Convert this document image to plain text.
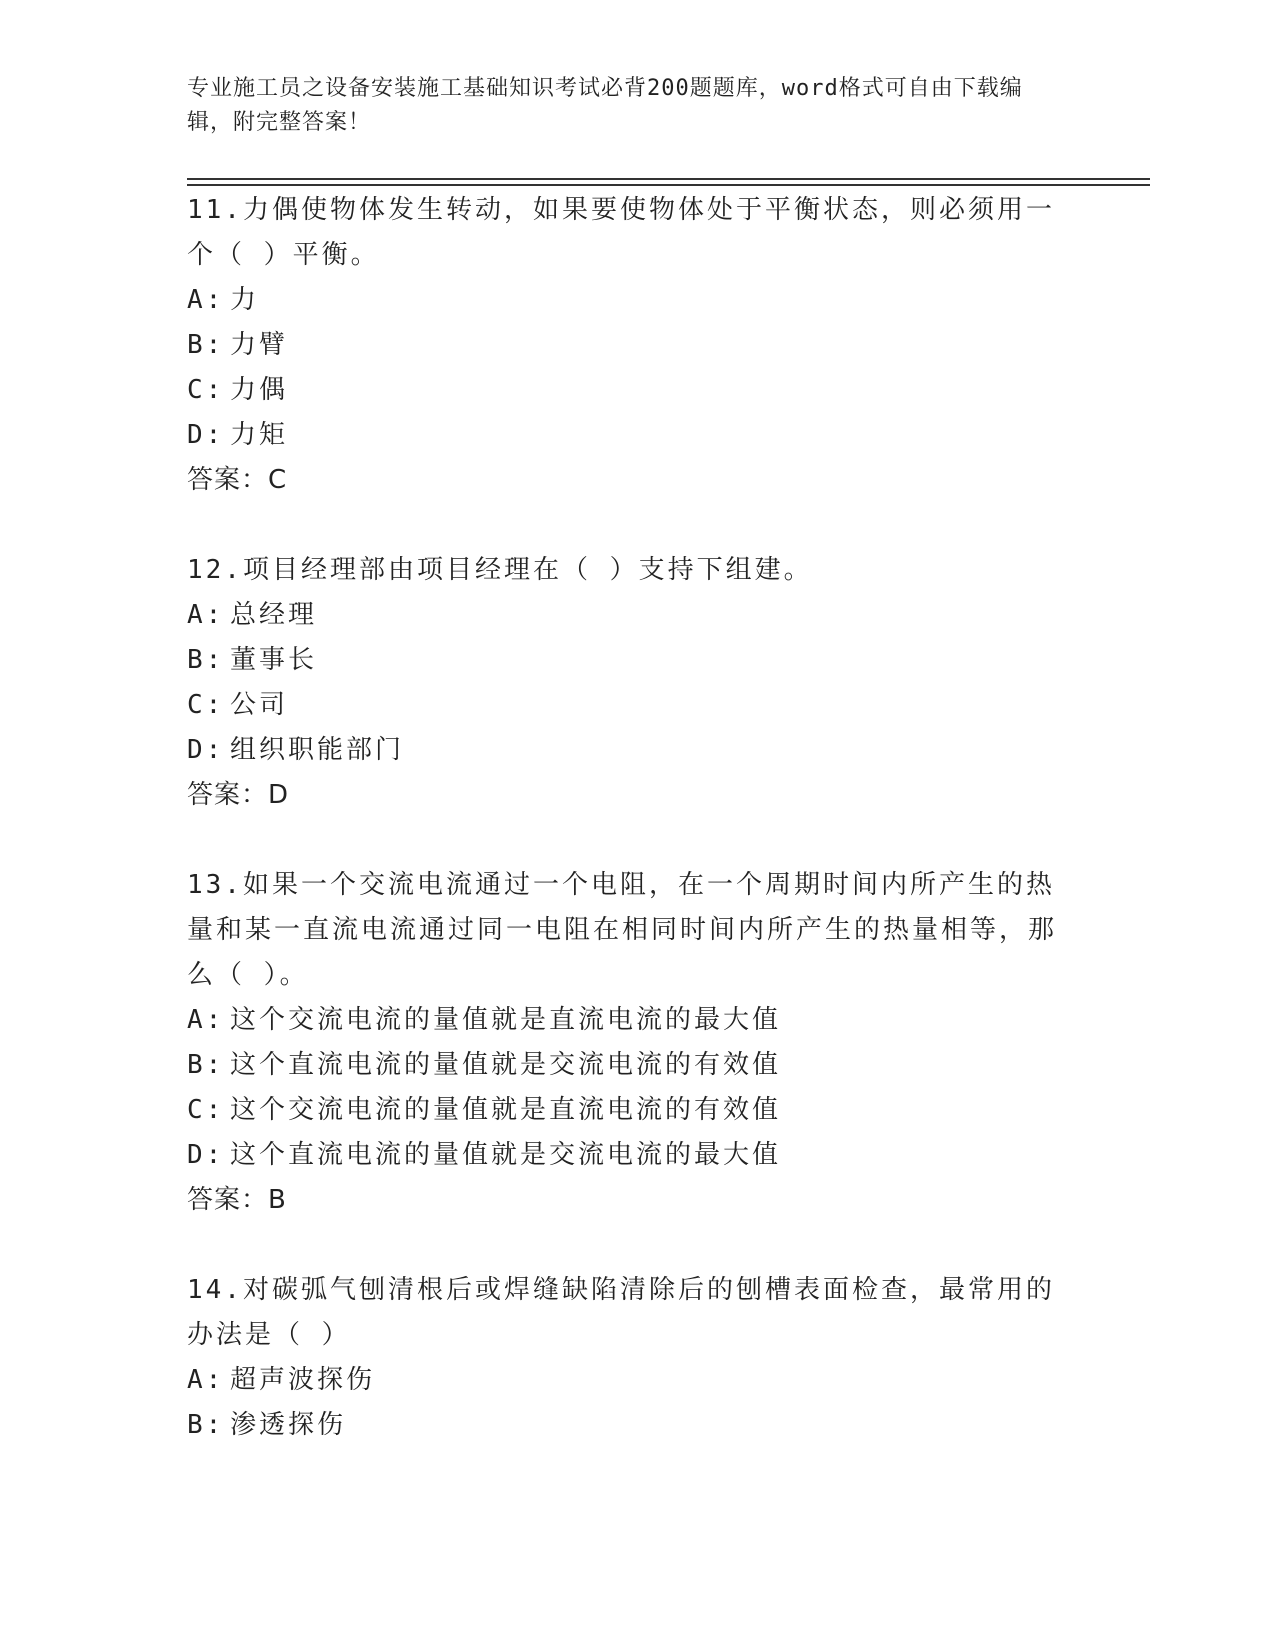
专业施工员之设备安装施工基础知识考试必背200题题库，word格式可自由下载编辑，附完整答案！
11.力偶使物体发生转动，如果要使物体处于平衡状态，则必须用一个（ ）平衡。
A: 力
B: 力臂
C: 力偶
D: 力矩
答案：C
12.项目经理部由项目经理在（ ）支持下组建。
A: 总经理
B: 董事长
C: 公司
D: 组织职能部门
答案：D
13.如果一个交流电流通过一个电阻，在一个周期时间内所产生的热量和某一直流电流通过同一电阻在相同时间内所产生的热量相等，那么（ ）。
A: 这个交流电流的量值就是直流电流的最大值
B: 这个直流电流的量值就是交流电流的有效值
C: 这个交流电流的量值就是直流电流的有效值
D: 这个直流电流的量值就是交流电流的最大值
答案：B
14.对碳弧气刨清根后或焊缝缺陷清除后的刨槽表面检查，最常用的办法是（ ）
A: 超声波探伤
B: 渗透探伤
